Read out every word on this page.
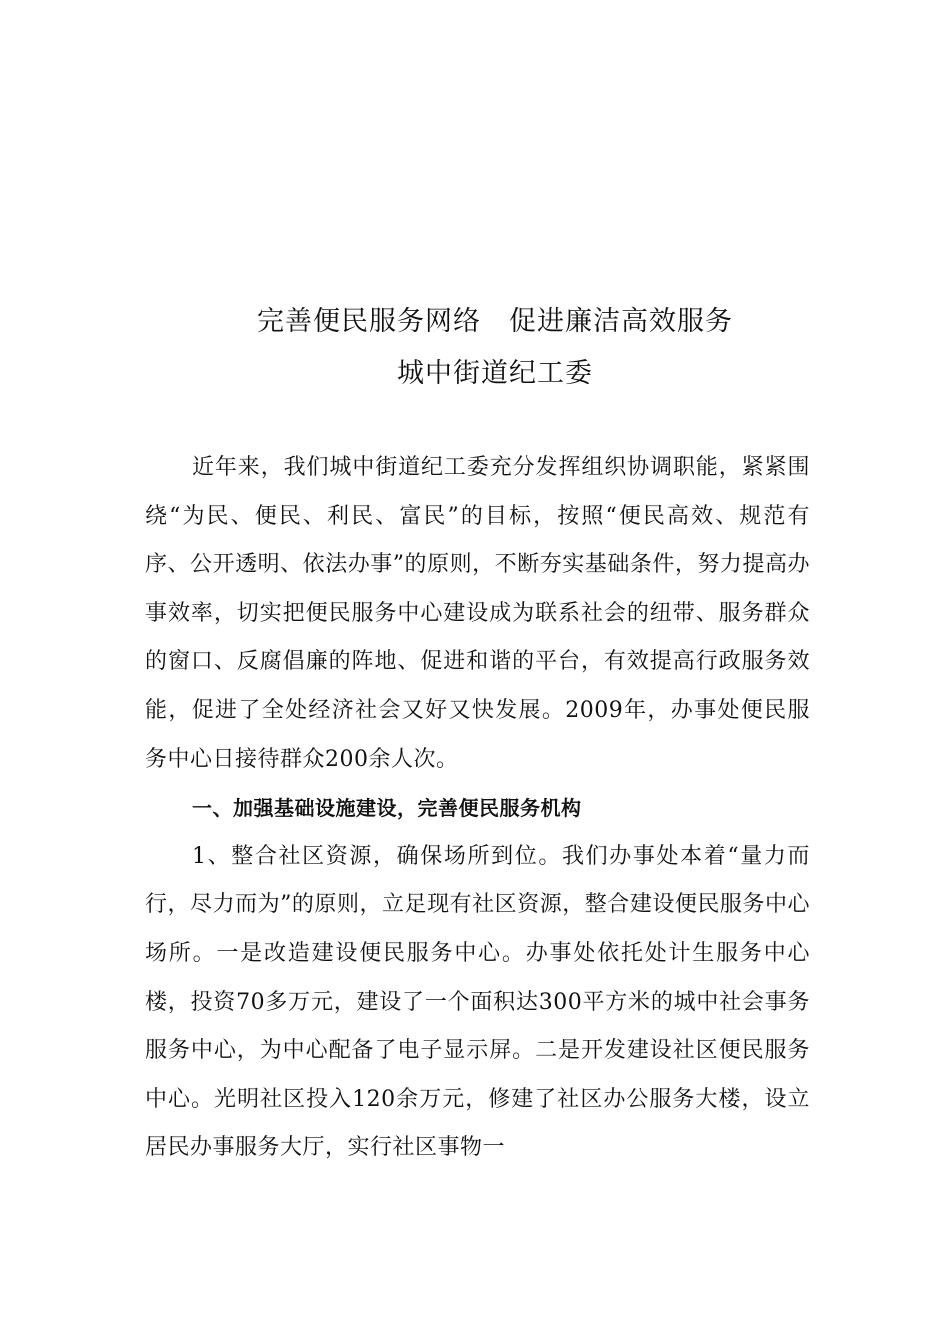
完善便民服务网络　促进廉洁高效服务
城中街道纪工委

近年来，我们城中街道纪工委充分发挥组织协调职能，紧紧围绕“为民、便民、利民、富民”的目标，按照“便民高效、规范有序、公开透明、依法办事”的原则，不断夯实基础条件，努力提高办事效率，切实把便民服务中心建设成为联系社会的纽带、服务群众的窗口、反腐倡廉的阵地、促进和谐的平台，有效提高行政服务效能，促进了全处经济社会又好又快发展。2009年，办事处便民服务中心日接待群众200余人次。

一、加强基础设施建设，完善便民服务机构

1、整合社区资源，确保场所到位。我们办事处本着“量力而行，尽力而为”的原则，立足现有社区资源，整合建设便民服务中心场所。一是改造建设便民服务中心。办事处依托处计生服务中心楼，投资70多万元，建设了一个面积达300平方米的城中社会事务服务中心，为中心配备了电子显示屏。二是开发建设社区便民服务中心。光明社区投入120余万元，修建了社区办公服务大楼，设立居民办事服务大厅，实行社区事物一
